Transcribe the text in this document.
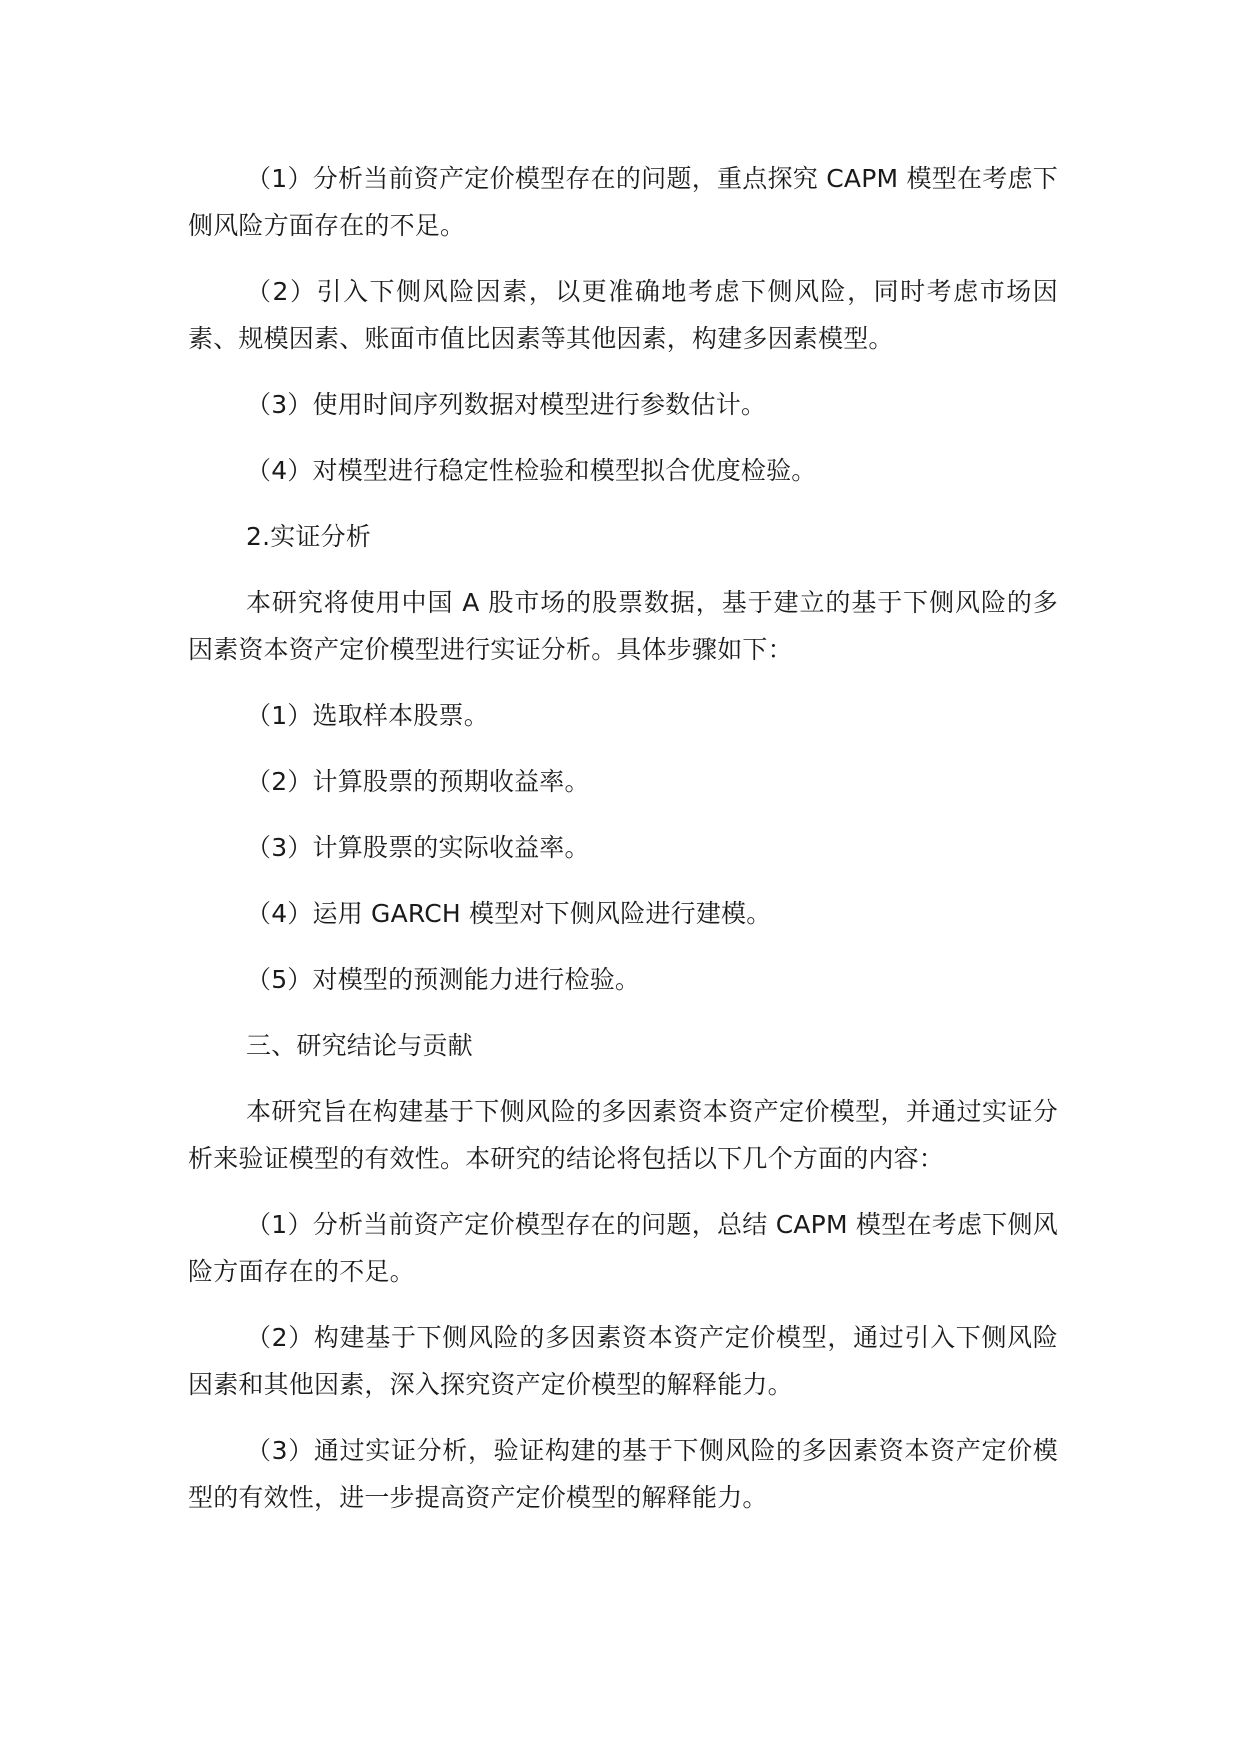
（1）分析当前资产定价模型存在的问题，重点探究 CAPM 模型在考虑下侧风险方面存在的不足。

（2）引入下侧风险因素，以更准确地考虑下侧风险，同时考虑市场因素、规模因素、账面市值比因素等其他因素，构建多因素模型。

（3）使用时间序列数据对模型进行参数估计。

（4）对模型进行稳定性检验和模型拟合优度检验。

2.实证分析

本研究将使用中国 A 股市场的股票数据，基于建立的基于下侧风险的多因素资本资产定价模型进行实证分析。具体步骤如下：

（1）选取样本股票。

（2）计算股票的预期收益率。

（3）计算股票的实际收益率。

（4）运用 GARCH 模型对下侧风险进行建模。

（5）对模型的预测能力进行检验。

三、研究结论与贡献

本研究旨在构建基于下侧风险的多因素资本资产定价模型，并通过实证分析来验证模型的有效性。本研究的结论将包括以下几个方面的内容：

（1）分析当前资产定价模型存在的问题，总结 CAPM 模型在考虑下侧风险方面存在的不足。

（2）构建基于下侧风险的多因素资本资产定价模型，通过引入下侧风险因素和其他因素，深入探究资产定价模型的解释能力。

（3）通过实证分析，验证构建的基于下侧风险的多因素资本资产定价模型的有效性，进一步提高资产定价模型的解释能力。
